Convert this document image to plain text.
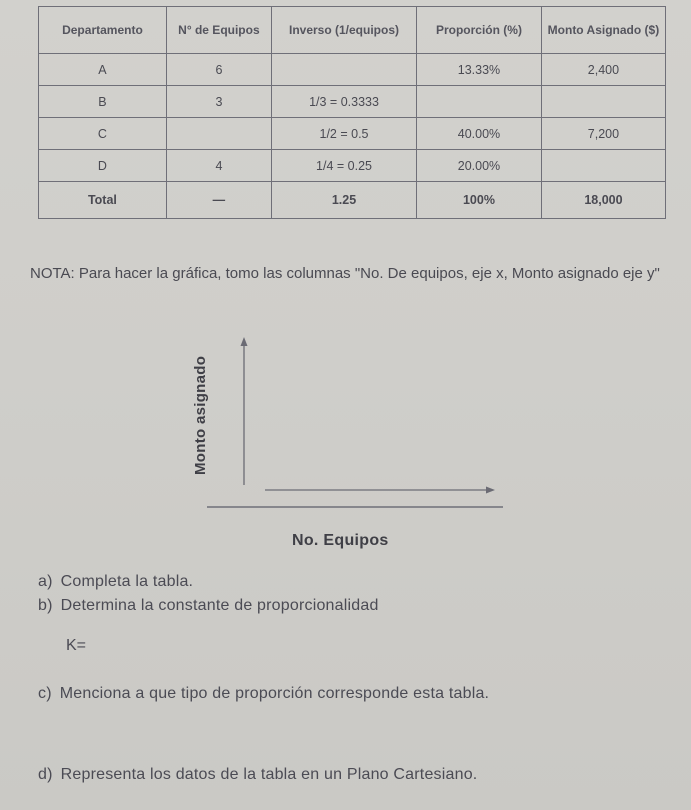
Departamento	N° de Equipos	Inverso (1/equipos)	Proporción (%)	Monto Asignado ($)
A	6		13.33%	2,400
B	3	1/3 = 0.3333		
C		1/2 = 0.5	40.00%	7,200
D	4	1/4 = 0.25	20.00%	
Total	—	1.25	100%	18,000
NOTA: Para hacer la gráfica, tomo las columnas "No. De equipos, eje x, Monto asignado eje y"
Monto asignado
No. Equipos
a) Completa la tabla.
b) Determina la constante de proporcionalidad
K=
c) Menciona a que tipo de proporción corresponde esta tabla.
d) Representa los datos de la tabla en un Plano Cartesiano.
